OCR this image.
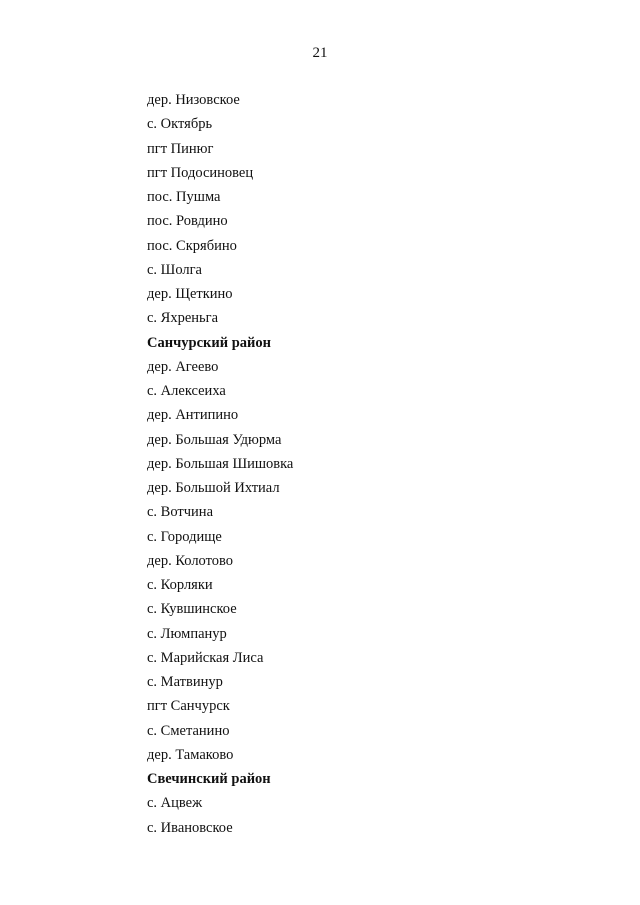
21
дер. Низовское
с. Октябрь
пгт Пинюг
пгт Подосиновец
пос. Пушма
пос. Ровдино
пос. Скрябино
с. Шолга
дер. Щеткино
с. Яхреньга
Санчурский район
дер. Агеево
с. Алексеиха
дер. Антипино
дер. Большая Удюрма
дер. Большая Шишовка
дер. Большой Ихтиал
с. Вотчина
с. Городище
дер. Колотово
с. Корляки
с. Кувшинское
с. Люмпанур
с. Марийская Лиса
с. Матвинур
пгт Санчурск
с. Сметанино
дер. Тамаково
Свечинский район
с. Ацвеж
с. Ивановское
